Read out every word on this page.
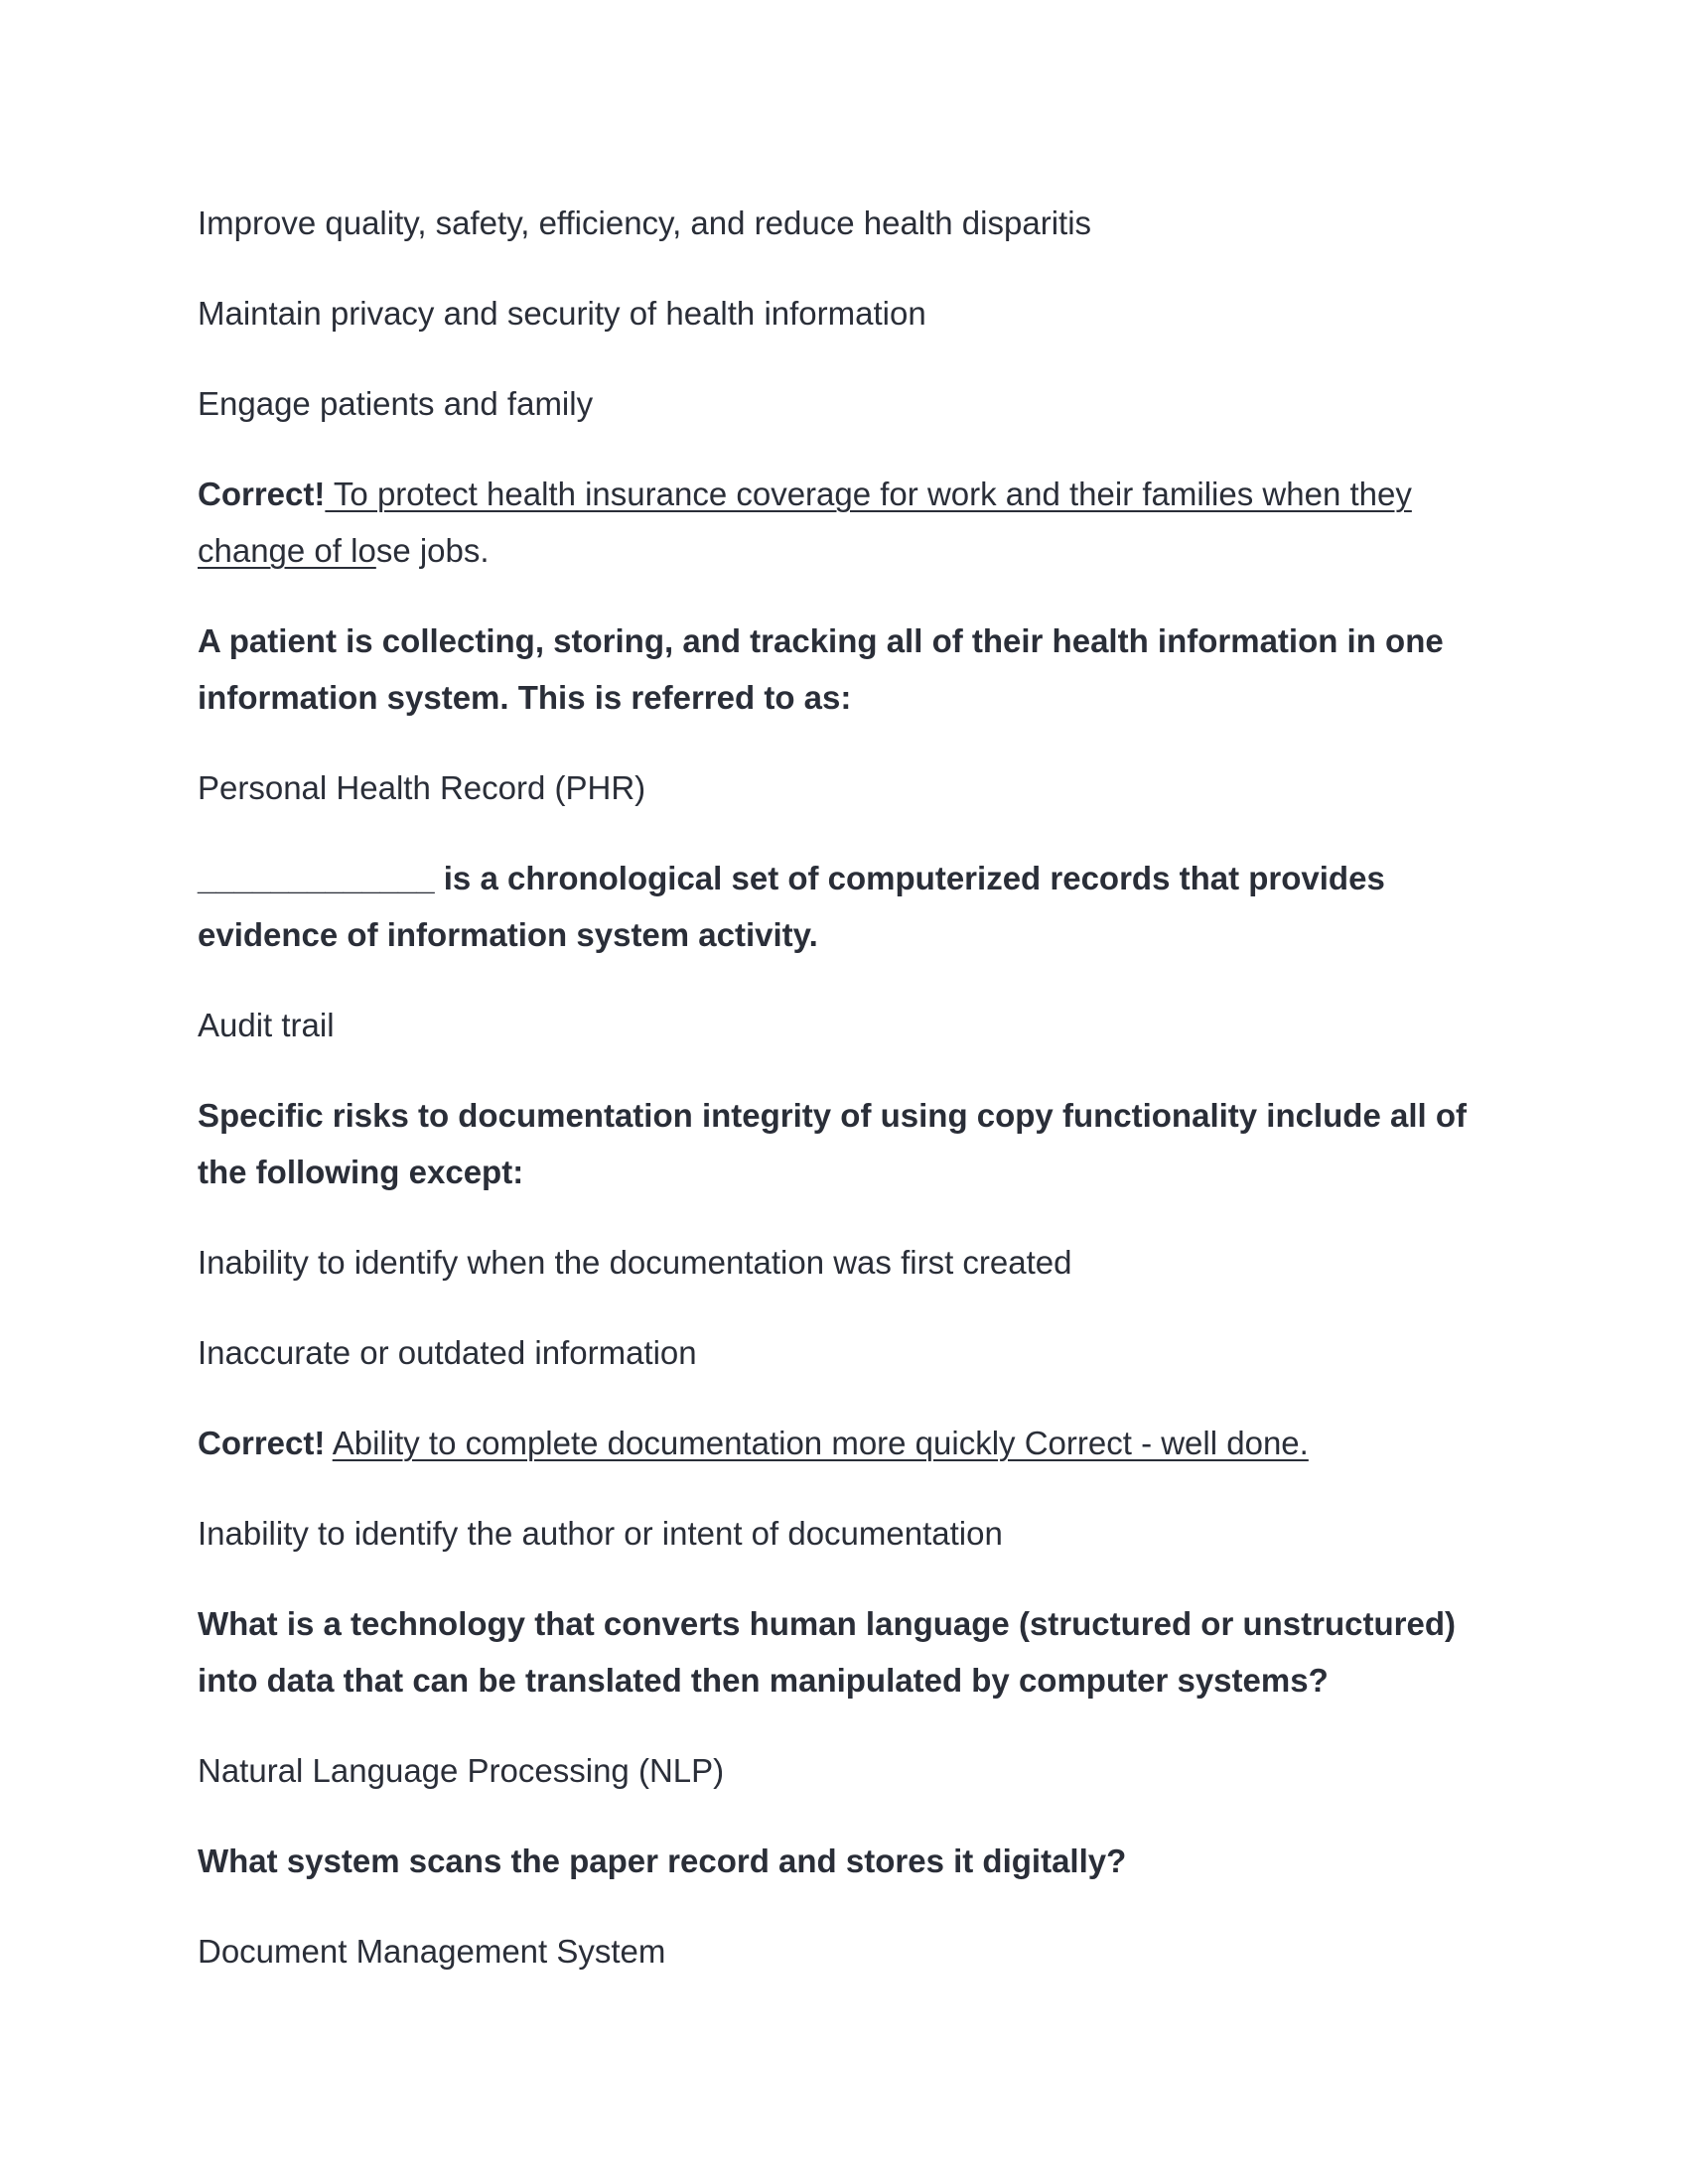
Improve quality, safety, efficiency, and reduce health disparitis

Maintain privacy and security of health information

Engage patients and family

Correct! To protect health insurance coverage for work and their families when they change of lose jobs.

A patient is collecting, storing, and tracking all of their health information in one information system. This is referred to as:

Personal Health Record (PHR)

_____________ is a chronological set of computerized records that provides evidence of information system activity.

Audit trail

Specific risks to documentation integrity of using copy functionality include all of the following except:

Inability to identify when the documentation was first created

Inaccurate or outdated information

Correct! Ability to complete documentation more quickly Correct - well done.

Inability to identify the author or intent of documentation

What is a technology that converts human language (structured or unstructured) into data that can be translated then manipulated by computer systems?

Natural Language Processing (NLP)

What system scans the paper record and stores it digitally?

Document Management System
